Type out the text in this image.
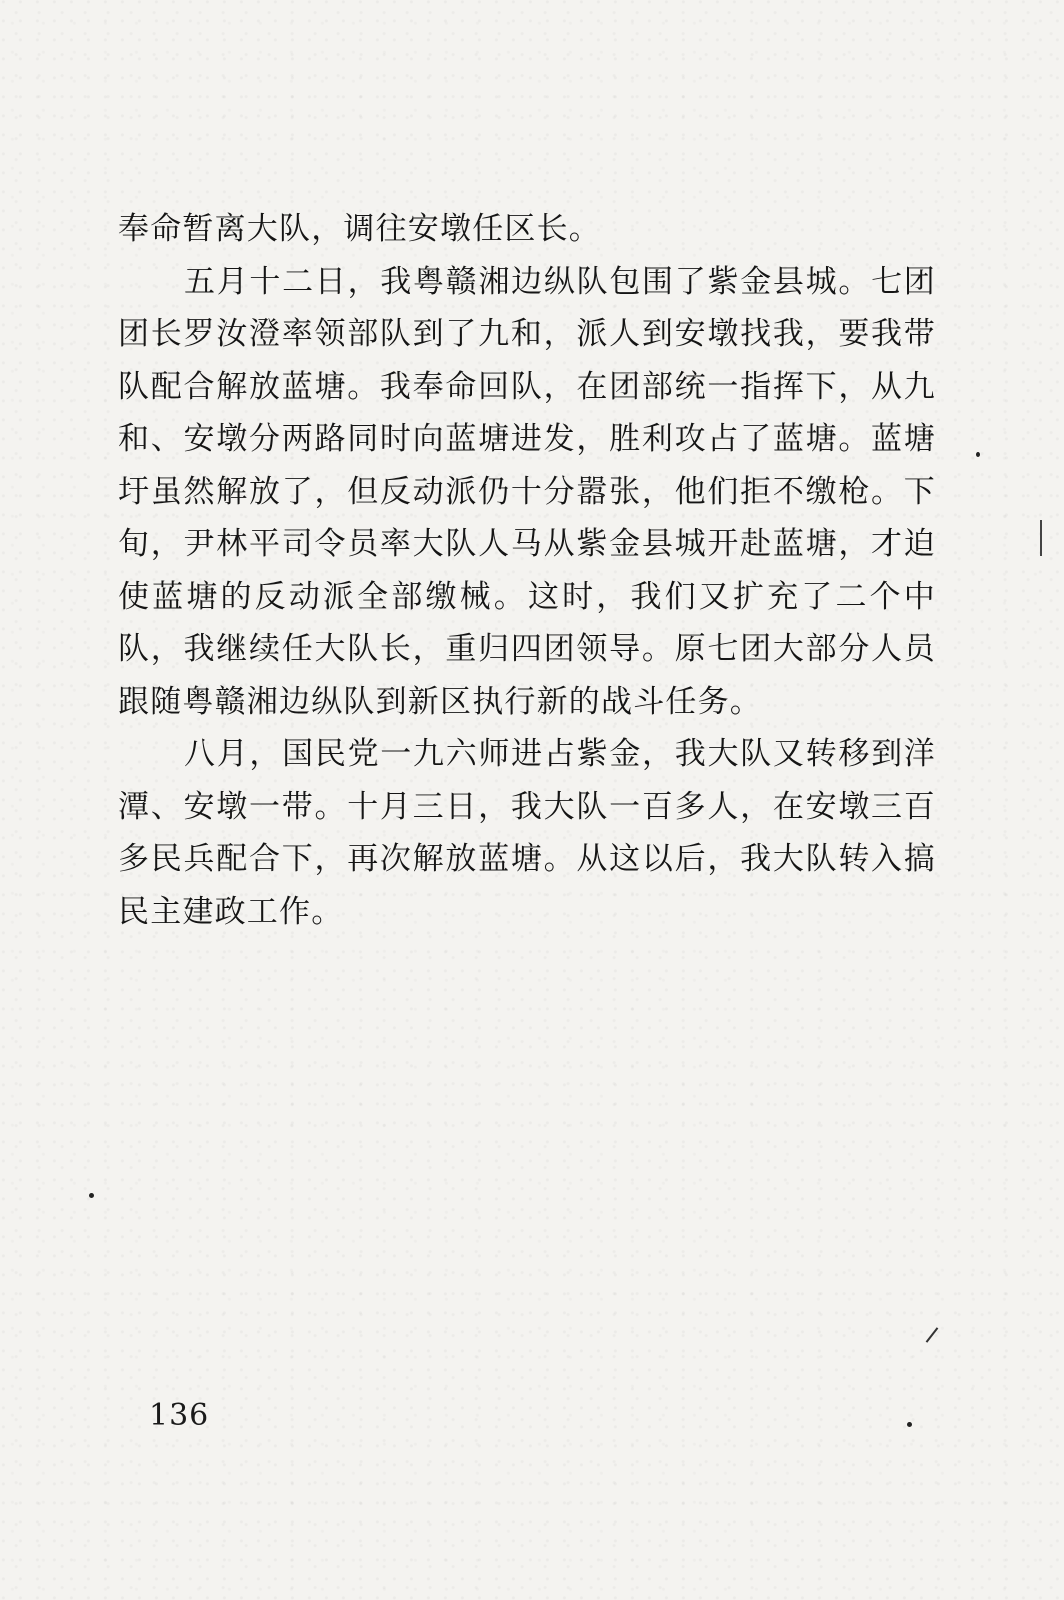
奉命暂离大队，调往安墩任区长。

五月十二日，我粤赣湘边纵队包围了紫金县城。七团团长罗汝澄率领部队到了九和，派人到安墩找我，要我带队配合解放蓝塘。我奉命回队，在团部统一指挥下，从九和、安墩分两路同时向蓝塘进发，胜利攻占了蓝塘。蓝塘圩虽然解放了，但反动派仍十分嚣张，他们拒不缴枪。下旬，尹林平司令员率大队人马从紫金县城开赴蓝塘，才迫使蓝塘的反动派全部缴械。这时，我们又扩充了二个中队，我继续任大队长，重归四团领导。原七团大部分人员跟随粤赣湘边纵队到新区执行新的战斗任务。

八月，国民党一九六师进占紫金，我大队又转移到洋潭、安墩一带。十月三日，我大队一百多人，在安墩三百多民兵配合下，再次解放蓝塘。从这以后，我大队转入搞民主建政工作。

136
